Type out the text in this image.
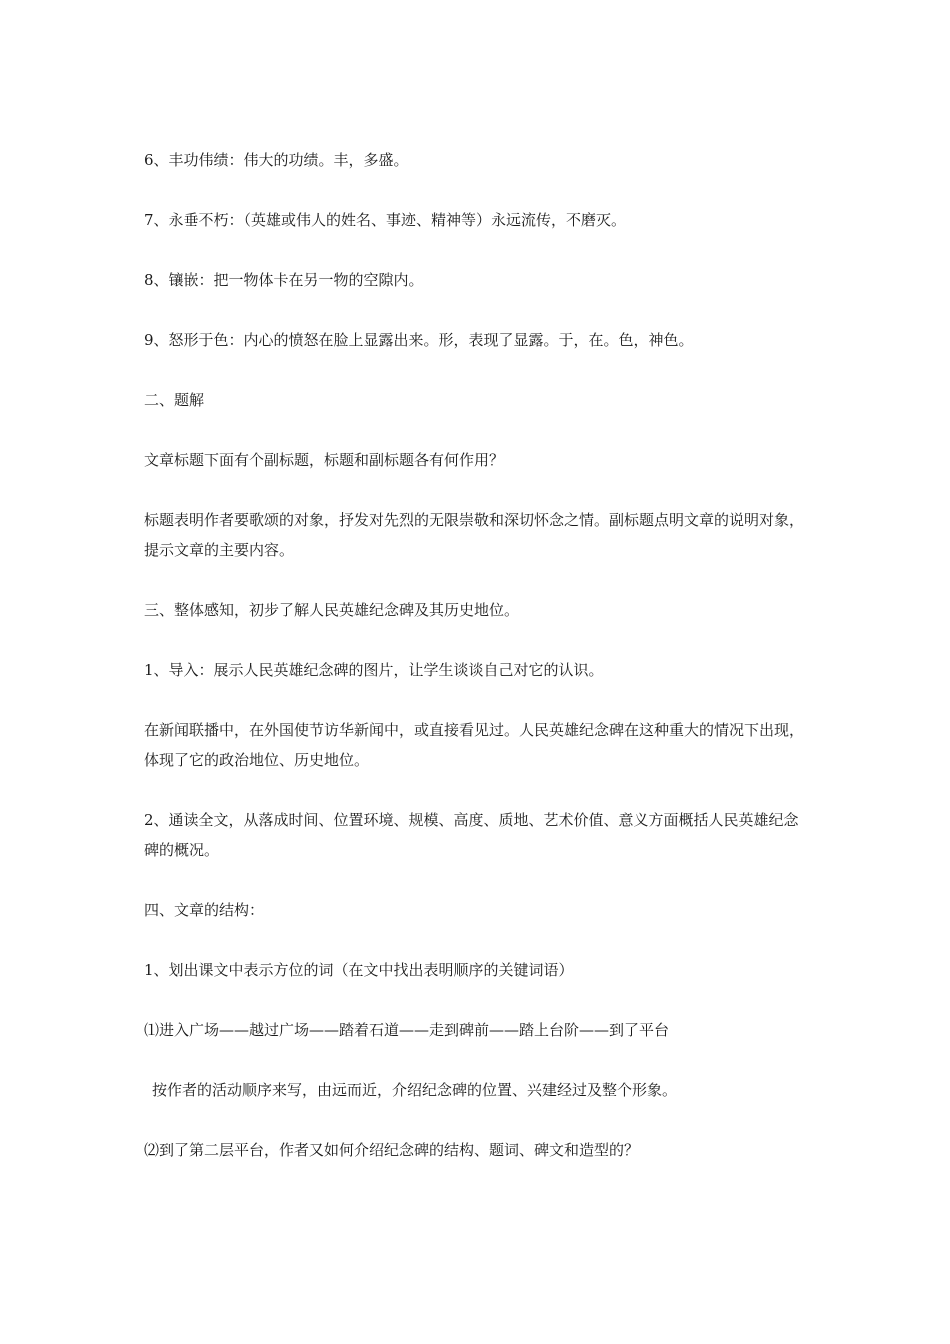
6、丰功伟绩：伟大的功绩。丰，多盛。

7、永垂不朽：（英雄或伟人的姓名、事迹、精神等）永远流传，不磨灭。

8、镶嵌：把一物体卡在另一物的空隙内。

9、怒形于色：内心的愤怒在脸上显露出来。形，表现了显露。于，在。色，神色。

二、题解

文章标题下面有个副标题，标题和副标题各有何作用？

标题表明作者要歌颂的对象，抒发对先烈的无限崇敬和深切怀念之情。副标题点明文章的说明对象，提示文章的主要内容。

三、整体感知，初步了解人民英雄纪念碑及其历史地位。

1、导入：展示人民英雄纪念碑的图片，让学生谈谈自己对它的认识。

在新闻联播中，在外国使节访华新闻中，或直接看见过。人民英雄纪念碑在这种重大的情况下出现，体现了它的政治地位、历史地位。

2、通读全文，从落成时间、位置环境、规模、高度、质地、艺术价值、意义方面概括人民英雄纪念碑的概况。

四、文章的结构：

1、划出课文中表示方位的词（在文中找出表明顺序的关键词语）

⑴进入广场——越过广场——踏着石道——走到碑前——踏上台阶——到了平台

按作者的活动顺序来写，由远而近，介绍纪念碑的位置、兴建经过及整个形象。

⑵到了第二层平台，作者又如何介绍纪念碑的结构、题词、碑文和造型的？
